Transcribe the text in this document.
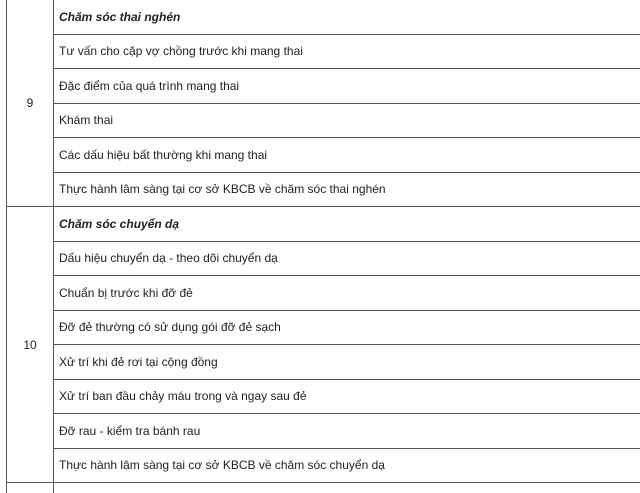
9	Chăm sóc thai nghén
	Tư vấn cho cặp vợ chồng trước khi mang thai
	Đặc điểm của quá trình mang thai
	Khám thai
	Các dấu hiệu bất thường khi mang thai
	Thực hành lâm sàng tại cơ sở KBCB về chăm sóc thai nghén
10	Chăm sóc chuyển dạ
	Dấu hiệu chuyển dạ - theo dõi chuyển dạ
	Chuẩn bị trước khi đỡ đẻ
	Đỡ đẻ thường có sử dụng gói đỡ đẻ sạch
	Xử trí khi đẻ rơi tại cộng đồng
	Xử trí ban đầu chảy máu trong và ngay sau đẻ
	Đỡ rau - kiểm tra bánh rau
	Thực hành lâm sàng tại cơ sở KBCB về chăm sóc chuyển dạ
